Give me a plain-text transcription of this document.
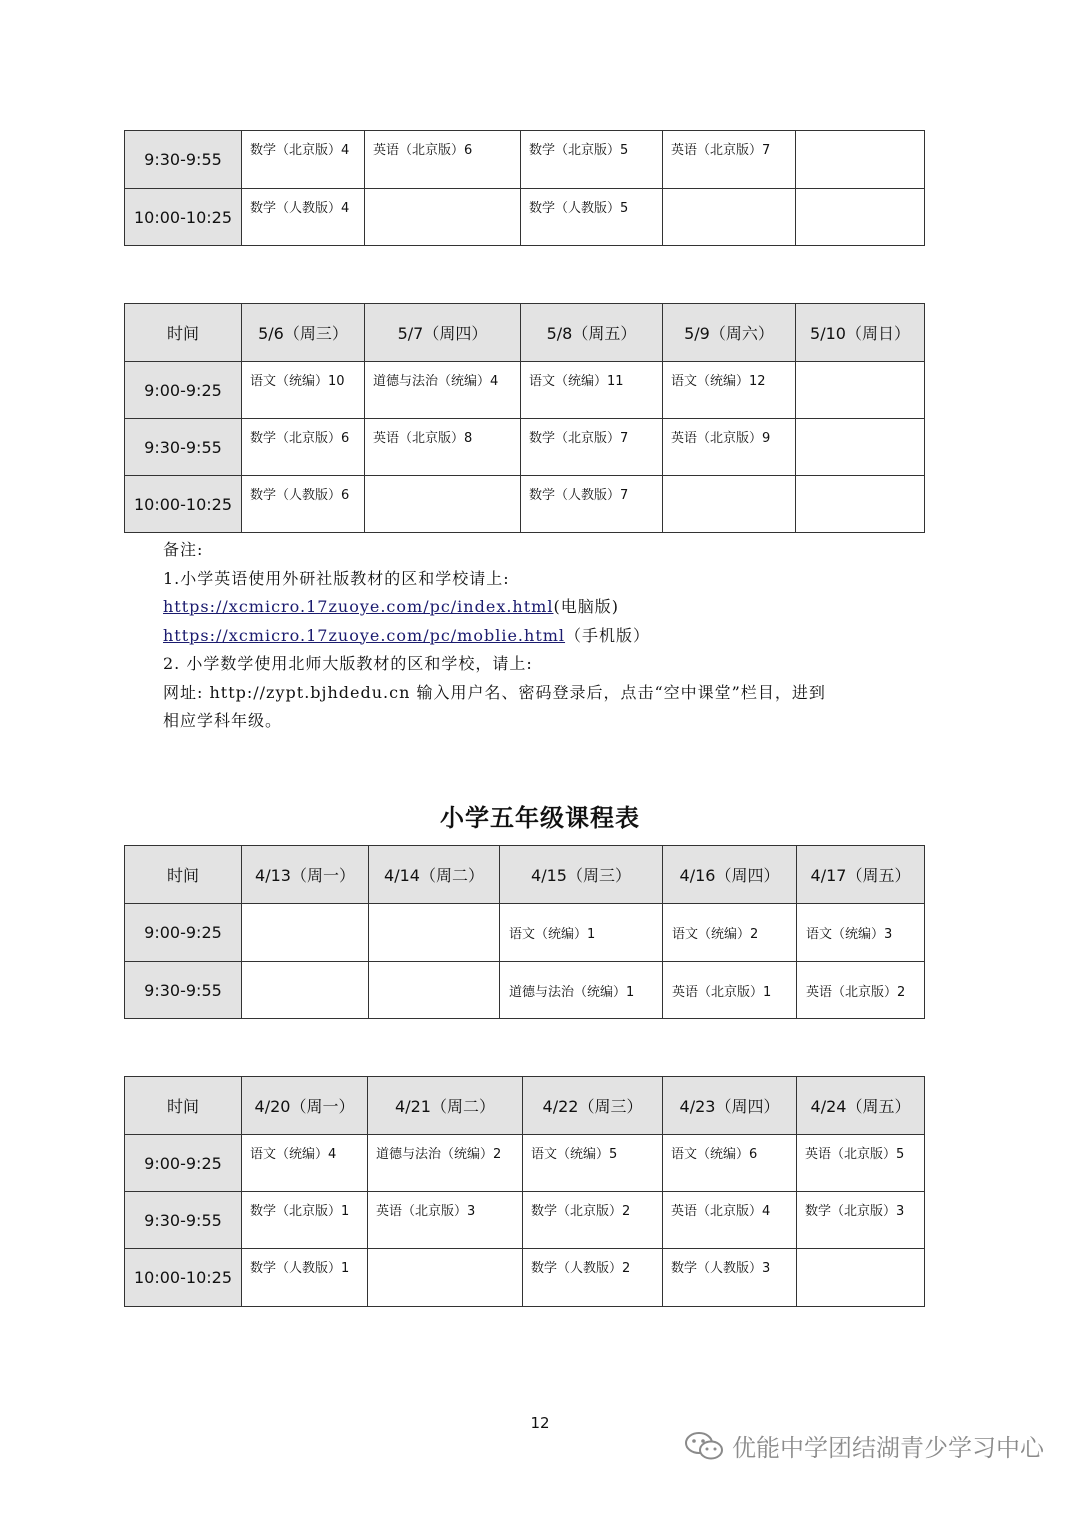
9:30-9:55	数学（北京版）4	英语（北京版）6	数学（北京版）5	英语（北京版）7	
10:00-10:25	数学（人教版）4		数学（人教版）5		
时间	5/6（周三）	5/7（周四）	5/8（周五）	5/9（周六）	5/10（周日）
9:00-9:25	语文（统编）10	道德与法治（统编）4	语文（统编）11	语文（统编）12	
9:30-9:55	数学（北京版）6	英语（北京版）8	数学（北京版）7	英语（北京版）9	
10:00-10:25	数学（人教版）6		数学（人教版）7		

备注:

1.小学英语使用外研社版教材的区和学校请上:

https://xcmicro.17zuoye.com/pc/index.html(电脑版)

https://xcmicro.17zuoye.com/pc/moblie.html（手机版）

2. 小学数学使用北师大版教材的区和学校，请上:

网址: http://zypt.bjhdedu.cn 输入用户名、密码登录后，点击“空中课堂”栏目，进到

相应学科年级。

小学五年级课程表
时间	4/13（周一）	4/14（周二）	4/15（周三）	4/16（周四）	4/17（周五）
9:00-9:25			语文（统编）1	语文（统编）2	语文（统编）3
9:30-9:55			道德与法治（统编）1	英语（北京版）1	英语（北京版）2
时间	4/20（周一）	4/21（周二）	4/22（周三）	4/23（周四）	4/24（周五）
9:00-9:25	语文（统编）4	道德与法治（统编）2	语文（统编）5	语文（统编）6	英语（北京版）5
9:30-9:55	数学（北京版）1	英语（北京版）3	数学（北京版）2	英语（北京版）4	数学（北京版）3
10:00-10:25	数学（人教版）1		数学（人教版）2	数学（人教版）3	
12
优能中学团结湖青少学习中心
